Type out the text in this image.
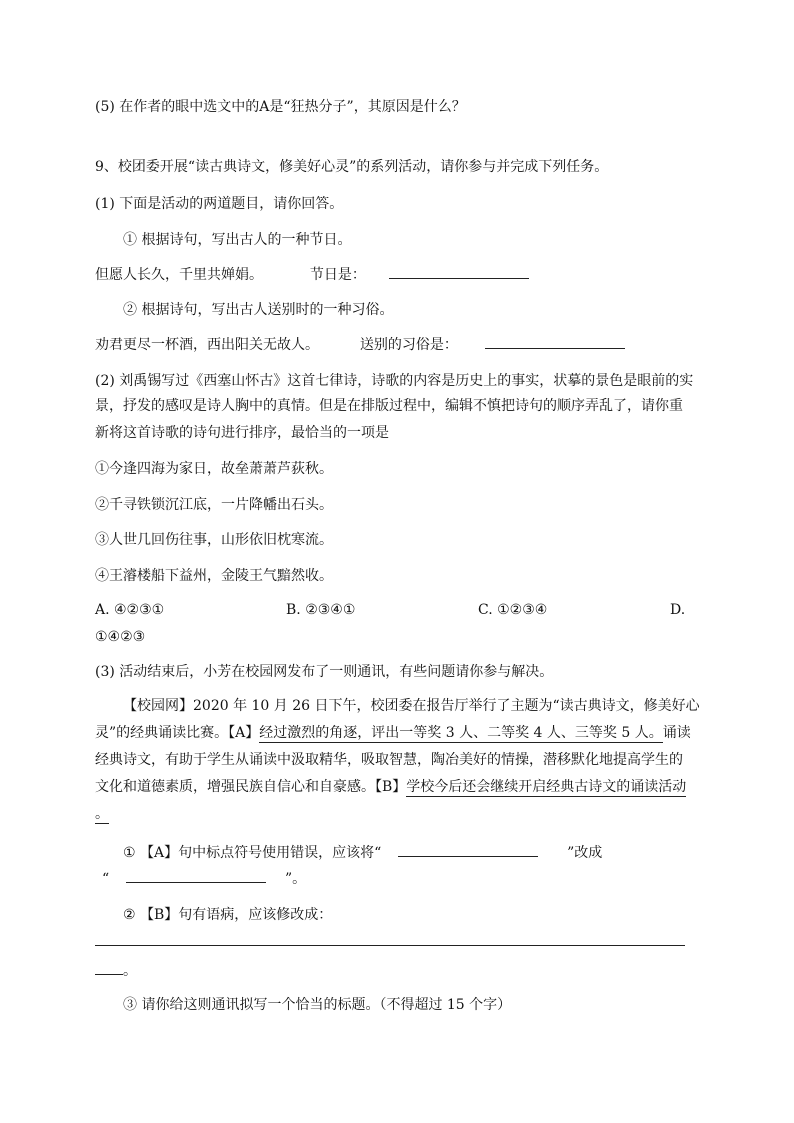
(5) 在作者的眼中选文中的A是“狂热分子”，其原因是什么？
9、校团委开展“读古典诗文，修美好心灵”的系列活动，请你参与并完成下列任务。
(1) 下面是活动的两道题目，请你回答。
① 根据诗句，写出古人的一种节日。
但愿人长久，千里共婵娟。	节日是：
② 根据诗句，写出古人送别时的一种习俗。
劝君更尽一杯酒，西出阳关无故人。	送别的习俗是：
(2) 刘禹锡写过《西塞山怀古》这首七律诗，诗歌的内容是历史上的事实，状摹的景色是眼前的实
景，抒发的感叹是诗人胸中的真情。但是在排版过程中，编辑不慎把诗句的顺序弄乱了，请你重
新将这首诗歌的诗句进行排序，最恰当的一项是
①今逢四海为家日，故垒萧萧芦荻秋。
②千寻铁锁沉江底，一片降幡出石头。
③人世几回伤往事，山形依旧枕寒流。
④王濬楼船下益州，金陵王气黯然收。
A. ④②③①	B. ②③④①	C. ①②③④	D.
①④②③
(3) 活动结束后，小芳在校园网发布了一则通讯，有些问题请你参与解决。
【校园网】2020 年 10 月 26 日下午，校团委在报告厅举行了主题为“读古典诗文，修美好心
灵”的经典诵读比赛。【A】经过激烈的角逐，评出一等奖 3 人、二等奖 4 人、三等奖 5 人。诵读
经典诗文，有助于学生从诵读中汲取精华，吸取智慧，陶冶美好的情操，潜移默化地提高学生的
文化和道德素质，增强民族自信心和自豪感。【B】学校今后还会继续开启经典古诗文的诵读活动
。
① 【A】句中标点符号使用错误，应该将“	”改成
“	”。
② 【B】句有语病，应该修改成：
。
③ 请你给这则通讯拟写一个恰当的标题。（不得超过 15 个字）
